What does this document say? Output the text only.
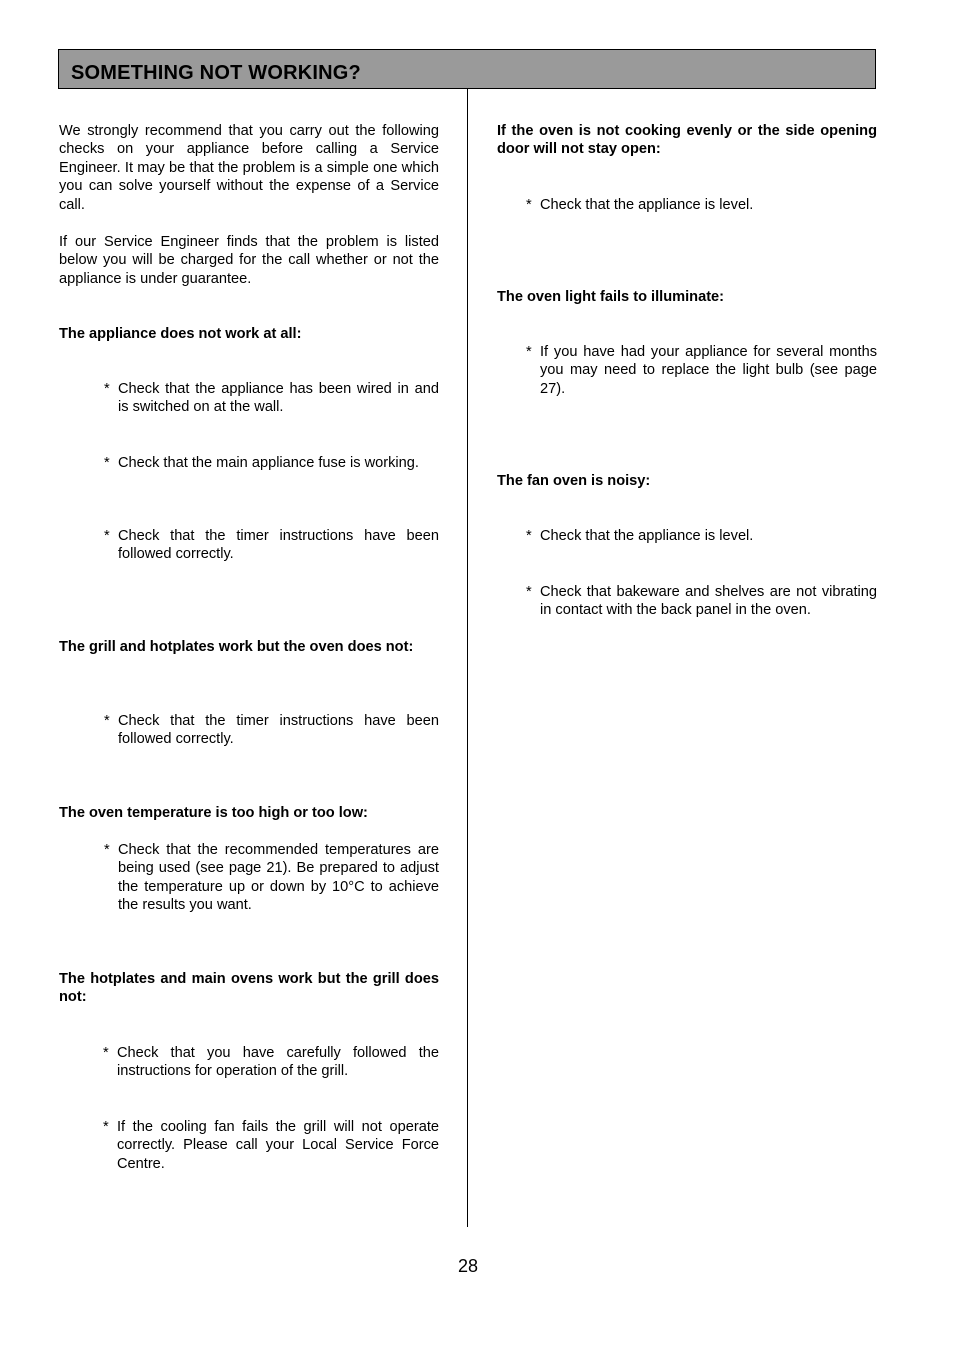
SOMETHING NOT WORKING?

We strongly recommend that you carry out the following checks on your appliance before calling a Service Engineer. It may be that the problem is a simple one which you can solve yourself without the expense of a Service call.

If our Service Engineer finds that the problem is listed below you will be charged for the call whether or not the appliance is under guarantee.

The appliance does not work at all:

* Check that the appliance has been wired in and is switched on at the wall.
* Check that the main appliance fuse is working.
* Check that the timer instructions have been followed correctly.

The grill and hotplates work but the oven does not:

* Check that the timer instructions have been followed correctly.

The oven temperature is too high or too low:

* Check that the recommended temperatures are being used (see page 21). Be prepared to adjust the temperature up or down by 10°C to achieve the results you want.

The hotplates and main ovens work but the grill does not:

* Check that you have carefully followed the instructions for operation of the grill.
* If the cooling fan fails the grill will not operate correctly. Please call your Local Service Force Centre.

If the oven is not cooking evenly or the side opening door will not stay open:

* Check that the appliance is level.

The oven light fails to illuminate:

* If you have had your appliance for several months you may need to replace the light bulb (see page 27).

The fan oven is noisy:

* Check that the appliance is level.
* Check that bakeware and shelves are not vibrating in contact with the back panel in the oven.
28
